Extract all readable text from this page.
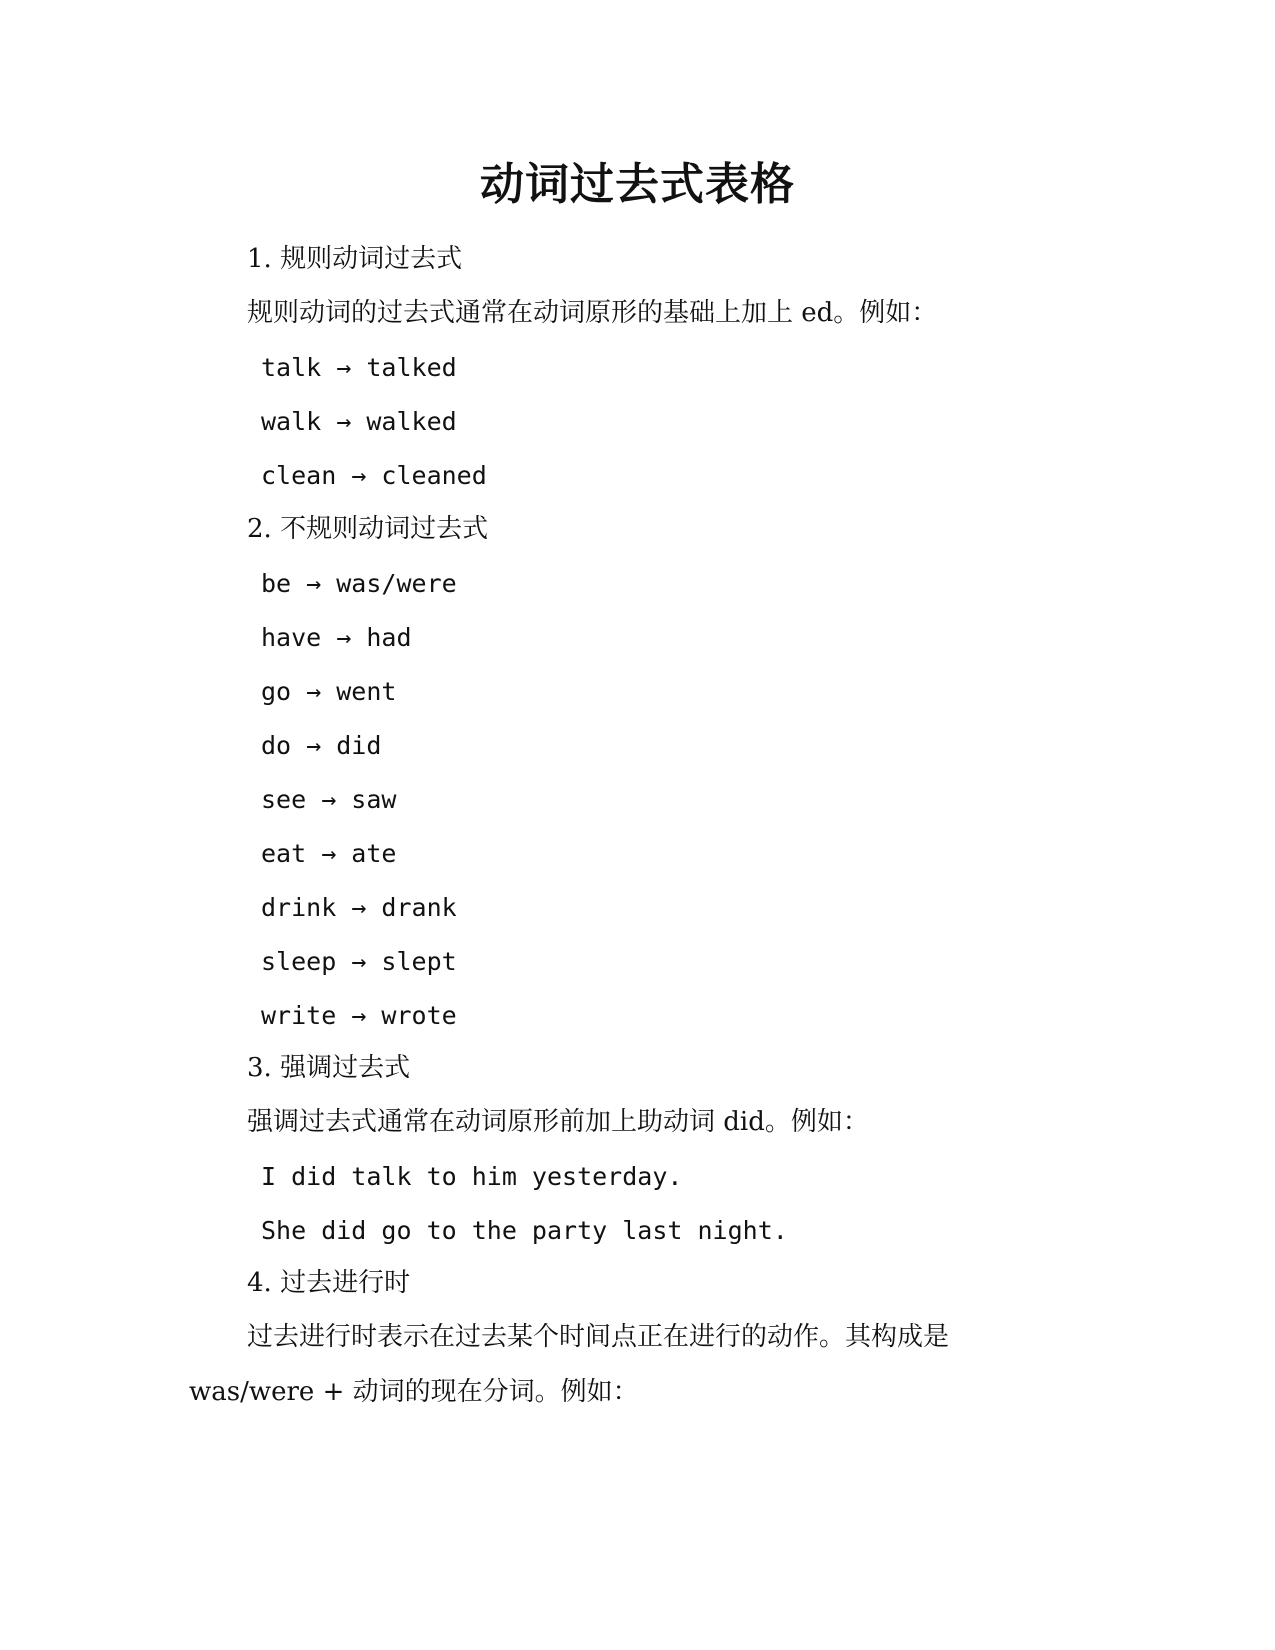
动词过去式表格
1. 规则动词过去式
规则动词的过去式通常在动词原形的基础上加上 ed。例如：
talk → talked
walk → walked
clean → cleaned
2. 不规则动词过去式
be → was/were
have → had
go → went
do → did
see → saw
eat → ate
drink → drank
sleep → slept
write → wrote
3. 强调过去式
强调过去式通常在动词原形前加上助动词 did。例如：
I did talk to him yesterday.
She did go to the party last night.
4. 过去进行时
过去进行时表示在过去某个时间点正在进行的动作。其构成是
was/were + 动词的现在分词。例如：
